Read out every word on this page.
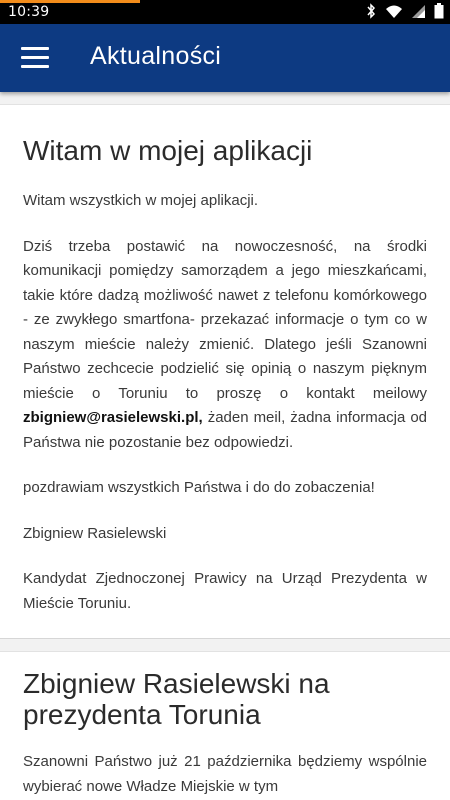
10:39
Aktualności
Witam w mojej aplikacji

Witam wszystkich w mojej aplikacji.

Dziś trzeba postawić na nowoczesność, na środki komunikacji pomiędzy samorządem a jego mieszkańcami, takie które dadzą możliwość nawet z telefonu komórkowego - ze zwykłego smartfona- przekazać informacje o tym co w naszym mieście należy zmienić. Dlatego jeśli Szanowni Państwo zechcecie podzielić się opinią o naszym pięknym mieście o Toruniu to proszę o kontakt meilowy zbigniew@rasielewski.pl, żaden meil, żadna informacja od Państwa nie pozostanie bez odpowiedzi.

pozdrawiam wszystkich Państwa i do do zobaczenia!

Zbigniew Rasielewski

Kandydat Zjednoczonej Prawicy na Urząd Prezydenta w Mieście Toruniu.

Zbigniew Rasielewski na prezydenta Torunia

Szanowni Państwo już 21 października będziemy wspólnie wybierać nowe Władze Miejskie w tym
